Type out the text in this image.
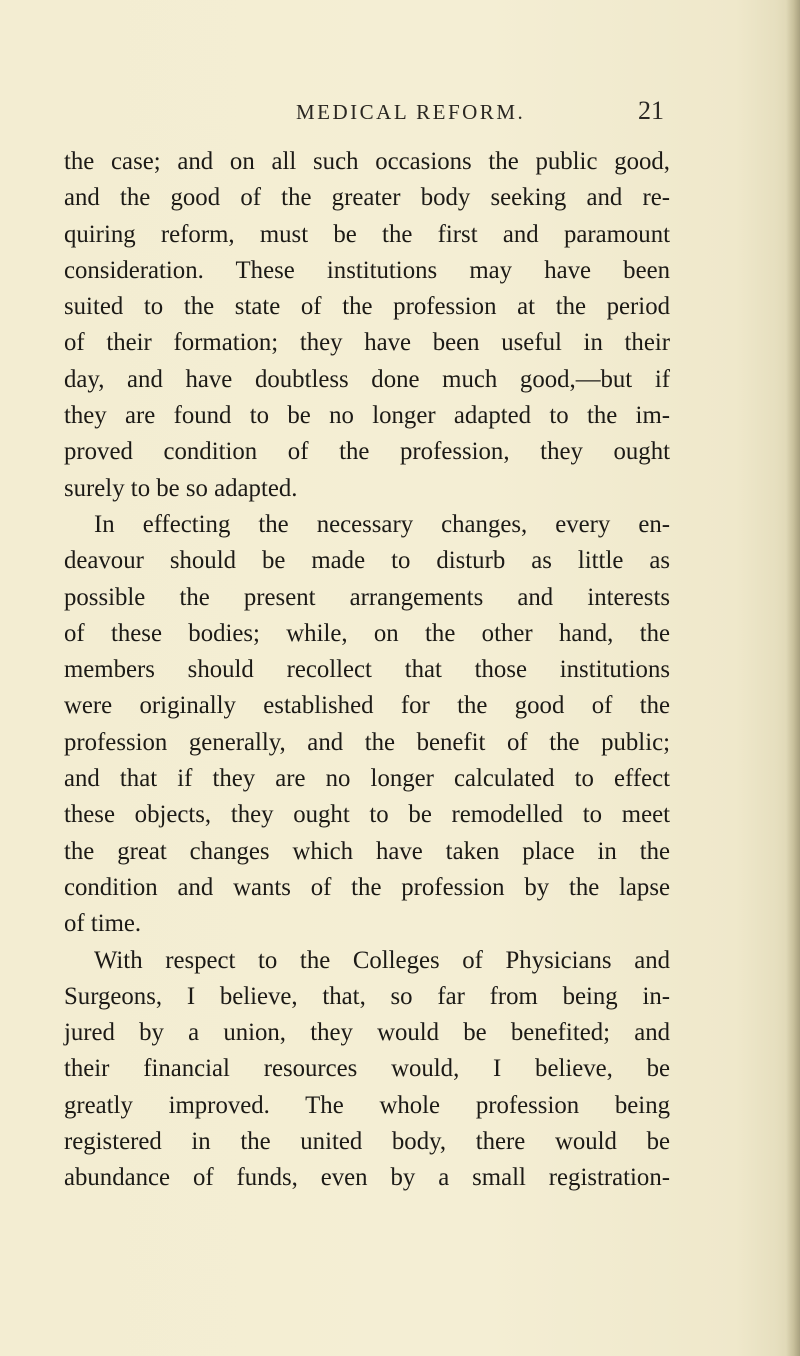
MEDICAL REFORM.	21
the case; and on all such occasions the public good,
and the good of the greater body seeking and re-
quiring reform, must be the first and paramount
consideration. These institutions may have been
suited to the state of the profession at the period
of their formation; they have been useful in their
day, and have doubtless done much good,—but if
they are found to be no longer adapted to the im-
proved condition of the profession, they ought
surely to be so adapted.
In effecting the necessary changes, every en-
deavour should be made to disturb as little as
possible the present arrangements and interests
of these bodies; while, on the other hand, the
members should recollect that those institutions
were originally established for the good of the
profession generally, and the benefit of the public;
and that if they are no longer calculated to effect
these objects, they ought to be remodelled to meet
the great changes which have taken place in the
condition and wants of the profession by the lapse
of time.
With respect to the Colleges of Physicians and
Surgeons, I believe, that, so far from being in-
jured by a union, they would be benefited; and
their financial resources would, I believe, be
greatly improved. The whole profession being
registered in the united body, there would be
abundance of funds, even by a small registration-
